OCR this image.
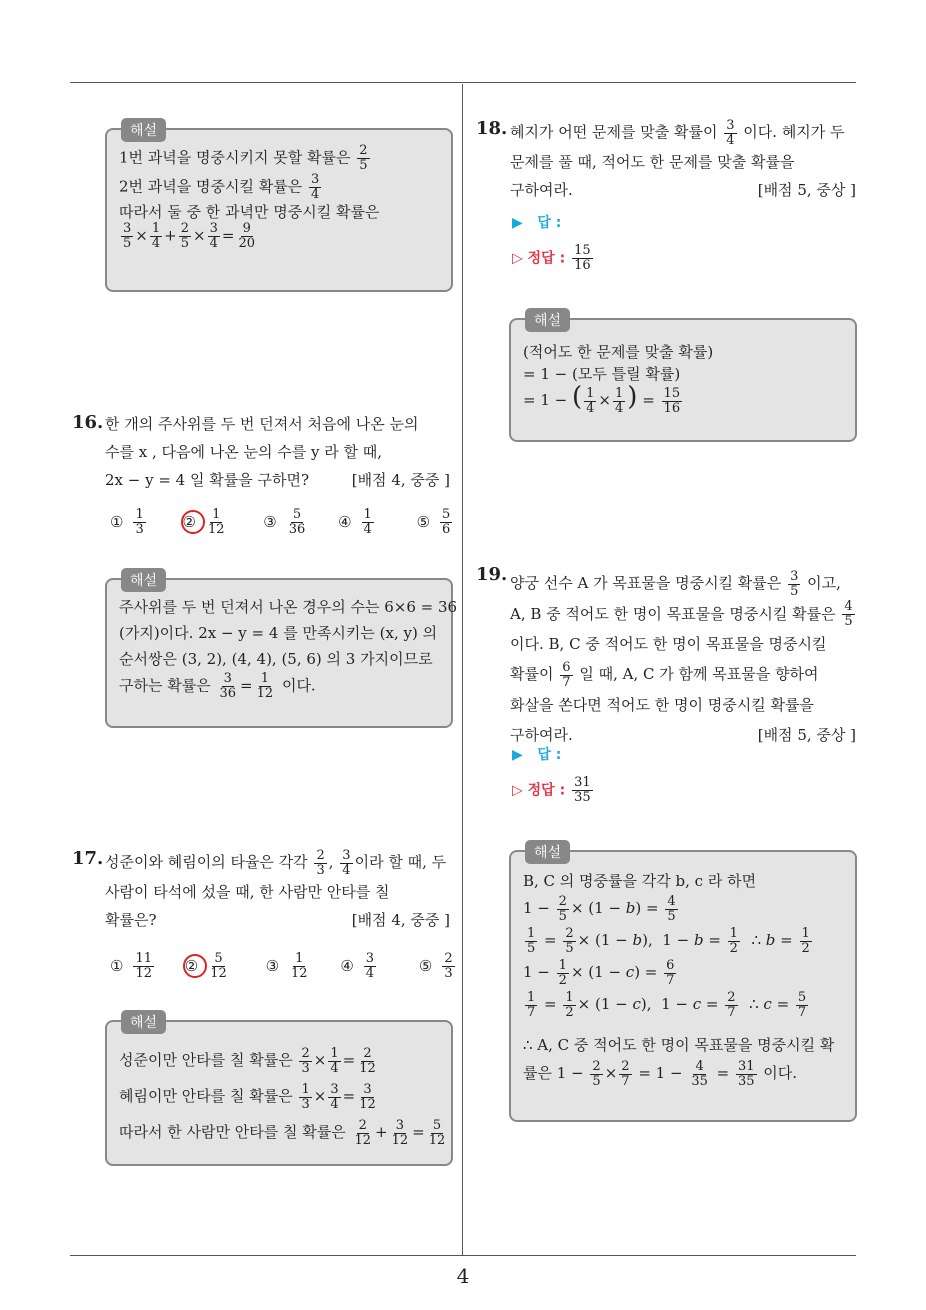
4
해설
1번 과녁을 명중시키지 못할 확률은 $\frac{2}{5}$
2번 과녁을 명중시킬 확률은 $\frac{3}{4}$
따라서 둘 중 한 과녁만 명중시킬 확률은
$\frac{3}{5} \times \frac{1}{4} + \frac{2}{5} \times \frac{3}{4} = \frac{9}{20}$
16. 한 개의 주사위를 두 번 던져서 처음에 나온 눈의
수를 x , 다음에 나온 눈의 수를 y 라 할 때,
2x − y = 4 일 확률을 구하면?	[배점 4, 중중 ]
① $\frac{1}{3}$
② $\frac{1}{12}$ ③ $\frac{5}{36}$ ④ $\frac{1}{4}$	⑤ $\frac{5}{6}$
해설
주사위를 두 번 던져서 나온 경우의 수는 6×6 = 36
(가지)이다. 2x − y = 4 를 만족시키는 (x, y) 의
순서쌍은 (3, 2), (4, 4), (5, 6) 의 3 가지이므로
구하는 확률은 $\frac{3}{36} = \frac{1}{12}$ 이다.
17. 성준이와 혜림이의 타율은 각각 $\frac{2}{3}$ , $\frac{3}{4}$ 이라 할 때, 두
사람이 타석에 섰을 때, 한 사람만 안타를 칠
확률은?	[배점 4, 중중 ]
① $\frac{11}{12}$
② $\frac{5}{12}$ ③ $\frac{1}{12}$ ④ $\frac{3}{4}$	⑤ $\frac{2}{3}$
해설
성준이만 안타를 칠 확률은 $\frac{2}{3} \times \frac{1}{4} = \frac{2}{12}$
혜림이만 안타를 칠 확률은 $\frac{1}{3} \times \frac{3}{4} = \frac{3}{12}$
따라서 한 사람만 안타를 칠 확률은 $\frac{2}{12} + \frac{3}{12} = \frac{5}{12}$
18. 혜지가 어떤 문제를 맞출 확률이 $\frac{3}{4}$ 이다. 혜지가 두
문제를 풀 때, 적어도 한 문제를 맞출 확률을
구하여라.	[배점 5, 중상 ]
▶ 답 :
▷ 정답 : $\frac{15}{16}$
해설
(적어도 한 문제를 맞출 확률)
= 1 − (모두 틀릴 확률)
= 1 − ( $\frac{1}{4} \times \frac{1}{4}$ ) = $\frac{15}{16}$
19. 양궁 선수 A 가 목표물을 명중시킬 확률은 $\frac{3}{5}$ 이고,
A, B 중 적어도 한 명이 목표물을 명중시킬 확률은 $\frac{4}{5}$
이다. B, C 중 적어도 한 명이 목표물을 명중시킬
확률이 $\frac{6}{7}$ 일 때, A, C 가 함께 목표물을 향하여
화살을 쏜다면 적어도 한 명이 명중시킬 확률을
구하여라.	[배점 5, 중상 ]
▶ 답 :
▷ 정답 : $\frac{31}{35}$
해설
B, C 의 명중률을 각각 b, c 라 하면
$1 - \frac{2}{5} \times (1 - b) = \frac{4}{5}$
$\frac{1}{5} = \frac{2}{5} \times (1 - b)$,  $1 - b = \frac{1}{2}$ ∴ $b = \frac{1}{2}$
$1 - \frac{1}{2} \times (1 - c) = \frac{6}{7}$
$\frac{1}{7} = \frac{1}{2} \times (1 - c)$,  $1 - c = \frac{2}{7}$ ∴ $c = \frac{5}{7}$
∴ A, C 중 적어도 한 명이 목표물을 명중시킬 확
률은 $1 - \frac{2}{5} \times \frac{2}{7} = 1 - \frac{4}{35} = \frac{31}{35}$ 이다.
